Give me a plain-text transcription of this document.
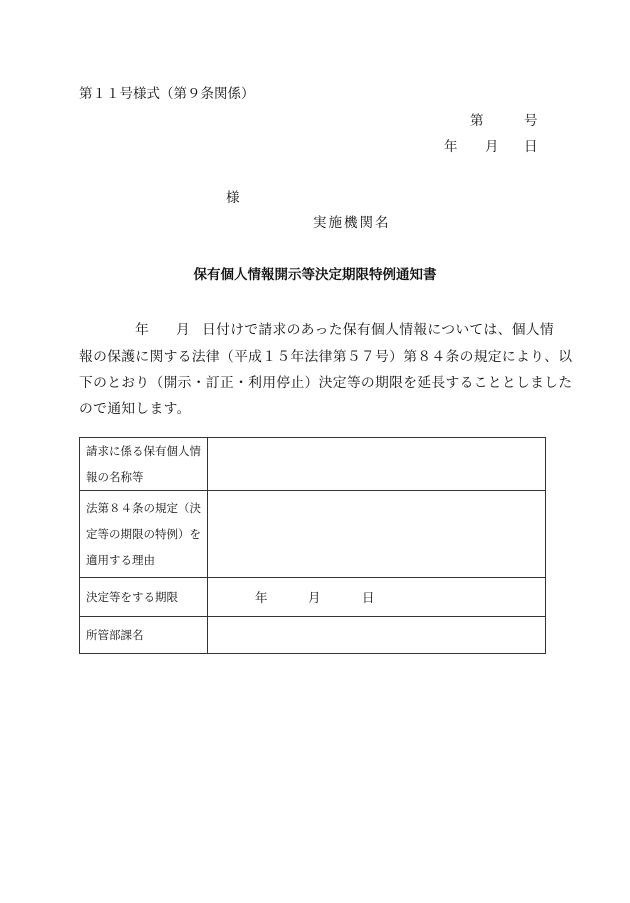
第１１号様式（第９条関係）
第	号
年 月 日
様
実施機関名
保有個人情報開示等決定期限特例通知書
年 月 日付けで請求のあった保有個人情報については、個人情
報の保護に関する法律（平成１５年法律第５７号）第８４条の規定により、以
下のとおり（開示・訂正・利用停止）決定等の期限を延長することとしました
ので通知します。
請求に係る保有個人情
報の名称等	

法第８４条の規定（決
定等の期限の特例）を
適用する理由	

決定等をする期限	年 月 日

所管部課名	
